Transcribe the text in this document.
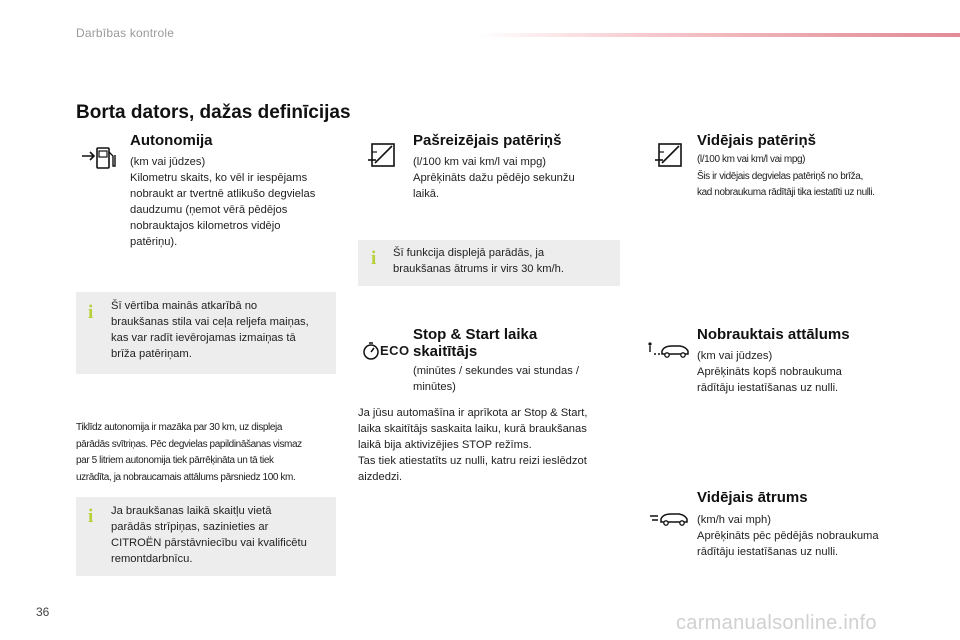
Darbības kontrole
Borta dators, dažas definīcijas
Autonomija
(km vai jūdzes)
Kilometru skaits, ko vēl ir iespējams
nobraukt ar tvertnē atlikušo degvielas
daudzumu (ņemot vērā pēdējos
nobrauktajos kilometros vidējo
patēriņu).
i Šī vērtība mainās atkarībā no
braukšanas stila vai ceļa reljefa maiņas,
kas var radīt ievērojamas izmaiņas tā
brīža patēriņam.
Tiklīdz autonomija ir mazāka par 30 km, uz displeja
pārādās svītriņas. Pēc degvielas papildināšanas vismaz
par 5 litriem autonomija tiek pārrēķināta un tā tiek
uzrādīta, ja nobraucamais attālums pārsniedz 100 km.
i Ja braukšanas laikā skaitļu vietā
parādās strīpiņas, sazinieties ar
CITROËN pārstāvniecību vai kvalificētu
remontdarbnīcu.
Pašreizējais patēriņš
(l/100 km vai km/l vai mpg)
Aprēķināts dažu pēdējo sekunžu
laikā.
i Šī funkcija displejā parādās, ja
braukšanas ātrums ir virs 30 km/h.
ECO
Stop & Start laika
skaitītājs
(minūtes / sekundes vai stundas /
minūtes)
Ja jūsu automašīna ir aprīkota ar Stop & Start,
laika skaitītājs saskaita laiku, kurā braukšanas
laikā bija aktivizējies STOP režīms.
Tas tiek atiestatīts uz nulli, katru reizi ieslēdzot
aizdedzi.
Vidējais patēriņš
(l/100 km vai km/l vai mpg)
Šis ir vidējais degvielas patēriņš no brīža,
kad nobraukuma rādītāji tika iestatīti uz nulli.
Nobrauktais attālums
(km vai jūdzes)
Aprēķināts kopš nobraukuma
rādītāju iestatīšanas uz nulli.
Vidējais ātrums
(km/h vai mph)
Aprēķināts pēc pēdējās nobraukuma
rādītāju iestatīšanas uz nulli.
36	carmanualsonline.info
